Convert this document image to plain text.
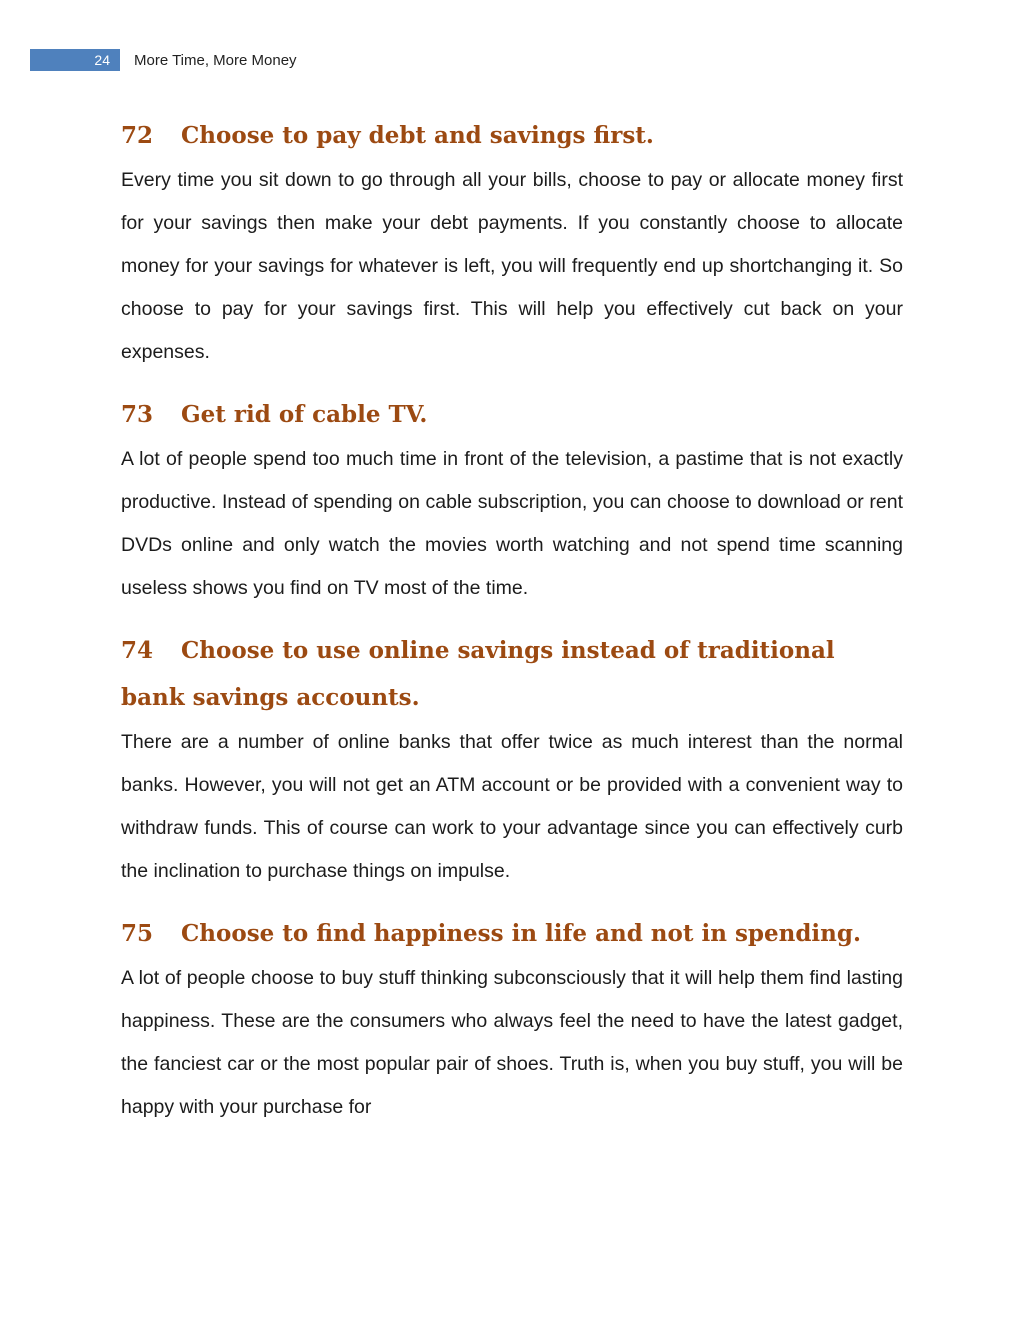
24	More Time, More Money
72 Choose to pay debt and savings first.

Every time you sit down to go through all your bills, choose to pay or allocate money first for your savings then make your debt payments. If you constantly choose to allocate money for your savings for whatever is left, you will frequently end up shortchanging it. So choose to pay for your savings first. This will help you effectively cut back on your expenses.

73 Get rid of cable TV.

A lot of people spend too much time in front of the television, a pastime that is not exactly productive. Instead of spending on cable subscription, you can choose to download or rent DVDs online and only watch the movies worth watching and not spend time scanning useless shows you find on TV most of the time.

74 Choose to use online savings instead of traditional bank savings accounts.

There are a number of online banks that offer twice as much interest than the normal banks. However, you will not get an ATM account or be provided with a convenient way to withdraw funds. This of course can work to your advantage since you can effectively curb the inclination to purchase things on impulse.

75 Choose to find happiness in life and not in spending.

A lot of people choose to buy stuff thinking subconsciously that it will help them find lasting happiness. These are the consumers who always feel the need to have the latest gadget, the fanciest car or the most popular pair of shoes. Truth is, when you buy stuff, you will be happy with your purchase for
